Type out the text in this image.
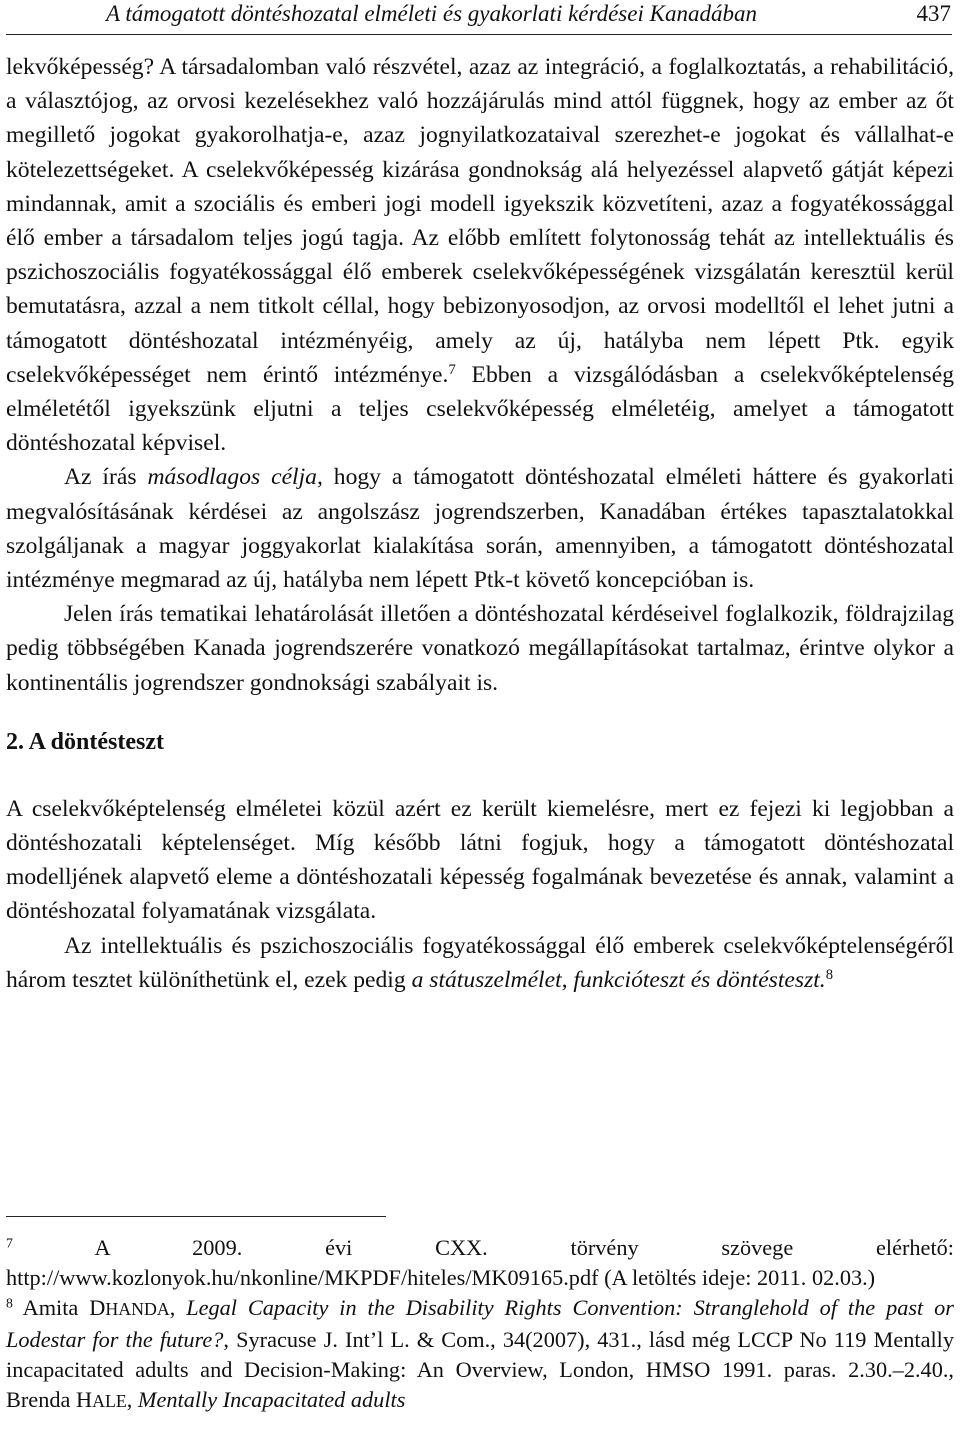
A támogatott döntéshozatal elméleti és gyakorlati kérdései Kanadában	437

lekvőképesség? A társadalomban való részvétel, azaz az integráció, a foglalkoztatás, a rehabilitáció, a választójog, az orvosi kezelésekhez való hozzájárulás mind attól függnek, hogy az ember az őt megillető jogokat gyakorolhatja-e, azaz jognyilatkozataival szerezhet-e jogokat és vállalhat-e kötelezettségeket. A cselekvőképesség kizárása gondnokság alá helyezéssel alapvető gátját képezi mindannak, amit a szociális és emberi jogi modell igyekszik közvetíteni, azaz a fogyatékossággal élő ember a társadalom teljes jogú tagja. Az előbb említett folytonosság tehát az intellektuális és pszichoszociális fogyatékossággal élő emberek cselekvőképességének vizsgálatán keresztül kerül bemutatásra, azzal a nem titkolt céllal, hogy bebizonyosodjon, az orvosi modelltől el lehet jutni a támogatott döntéshozatal intézményéig, amely az új, hatályba nem lépett Ptk. egyik cselekvőképességet nem érintő intézménye.$^7$ Ebben a vizsgálódásban a cselekvőképtelenség elméletétől igyekszünk eljutni a teljes cselekvőképesség elméletéig, amelyet a támogatott döntéshozatal képvisel.

Az írás másodlagos célja, hogy a támogatott döntéshozatal elméleti háttere és gyakorlati megvalósításának kérdései az angolszász jogrendszerben, Kanadában értékes tapasztalatokkal szolgáljanak a magyar joggyakorlat kialakítása során, amennyiben, a támogatott döntéshozatal intézménye megmarad az új, hatályba nem lépett Ptk-t követő koncepcióban is.

Jelen írás tematikai lehatárolását illetően a döntéshozatal kérdéseivel foglalkozik, földrajzilag pedig többségében Kanada jogrendszerére vonatkozó megállapításokat tartalmaz, érintve olykor a kontinentális jogrendszer gondnoksági szabályait is.

2. A döntésteszt

A cselekvőképtelenség elméletei közül azért ez került kiemelésre, mert ez fejezi ki legjobban a döntéshozatali képtelenséget. Míg később látni fogjuk, hogy a támogatott döntéshozatal modelljének alapvető eleme a döntéshozatali képesség fogalmának bevezetése és annak, valamint a döntéshozatal folyamatának vizsgálata.

Az intellektuális és pszichoszociális fogyatékossággal élő emberek cselekvőképtelenségéről három tesztet különíthetünk el, ezek pedig a státuszelmélet, funkcióteszt és döntésteszt.$^8$

$^7$	A 2009. évi CXX. törvény szövege elérhető: http://www.kozlonyok.hu/nkonline/MKPDF/hiteles/MK09165.pdf (A letöltés ideje: 2011. 02.03.)

$^8$ Amita DHANDA, Legal Capacity in the Disability Rights Convention: Stranglehold of the past or Lodestar for the future?, Syracuse J. Int’l L. & Com., 34(2007), 431., lásd még LCCP No 119 Mentally incapacitated adults and Decision-Making: An Overview, London, HMSO 1991. paras. 2.30.–2.40., Brenda HALE, Mentally Incapacitated adults
